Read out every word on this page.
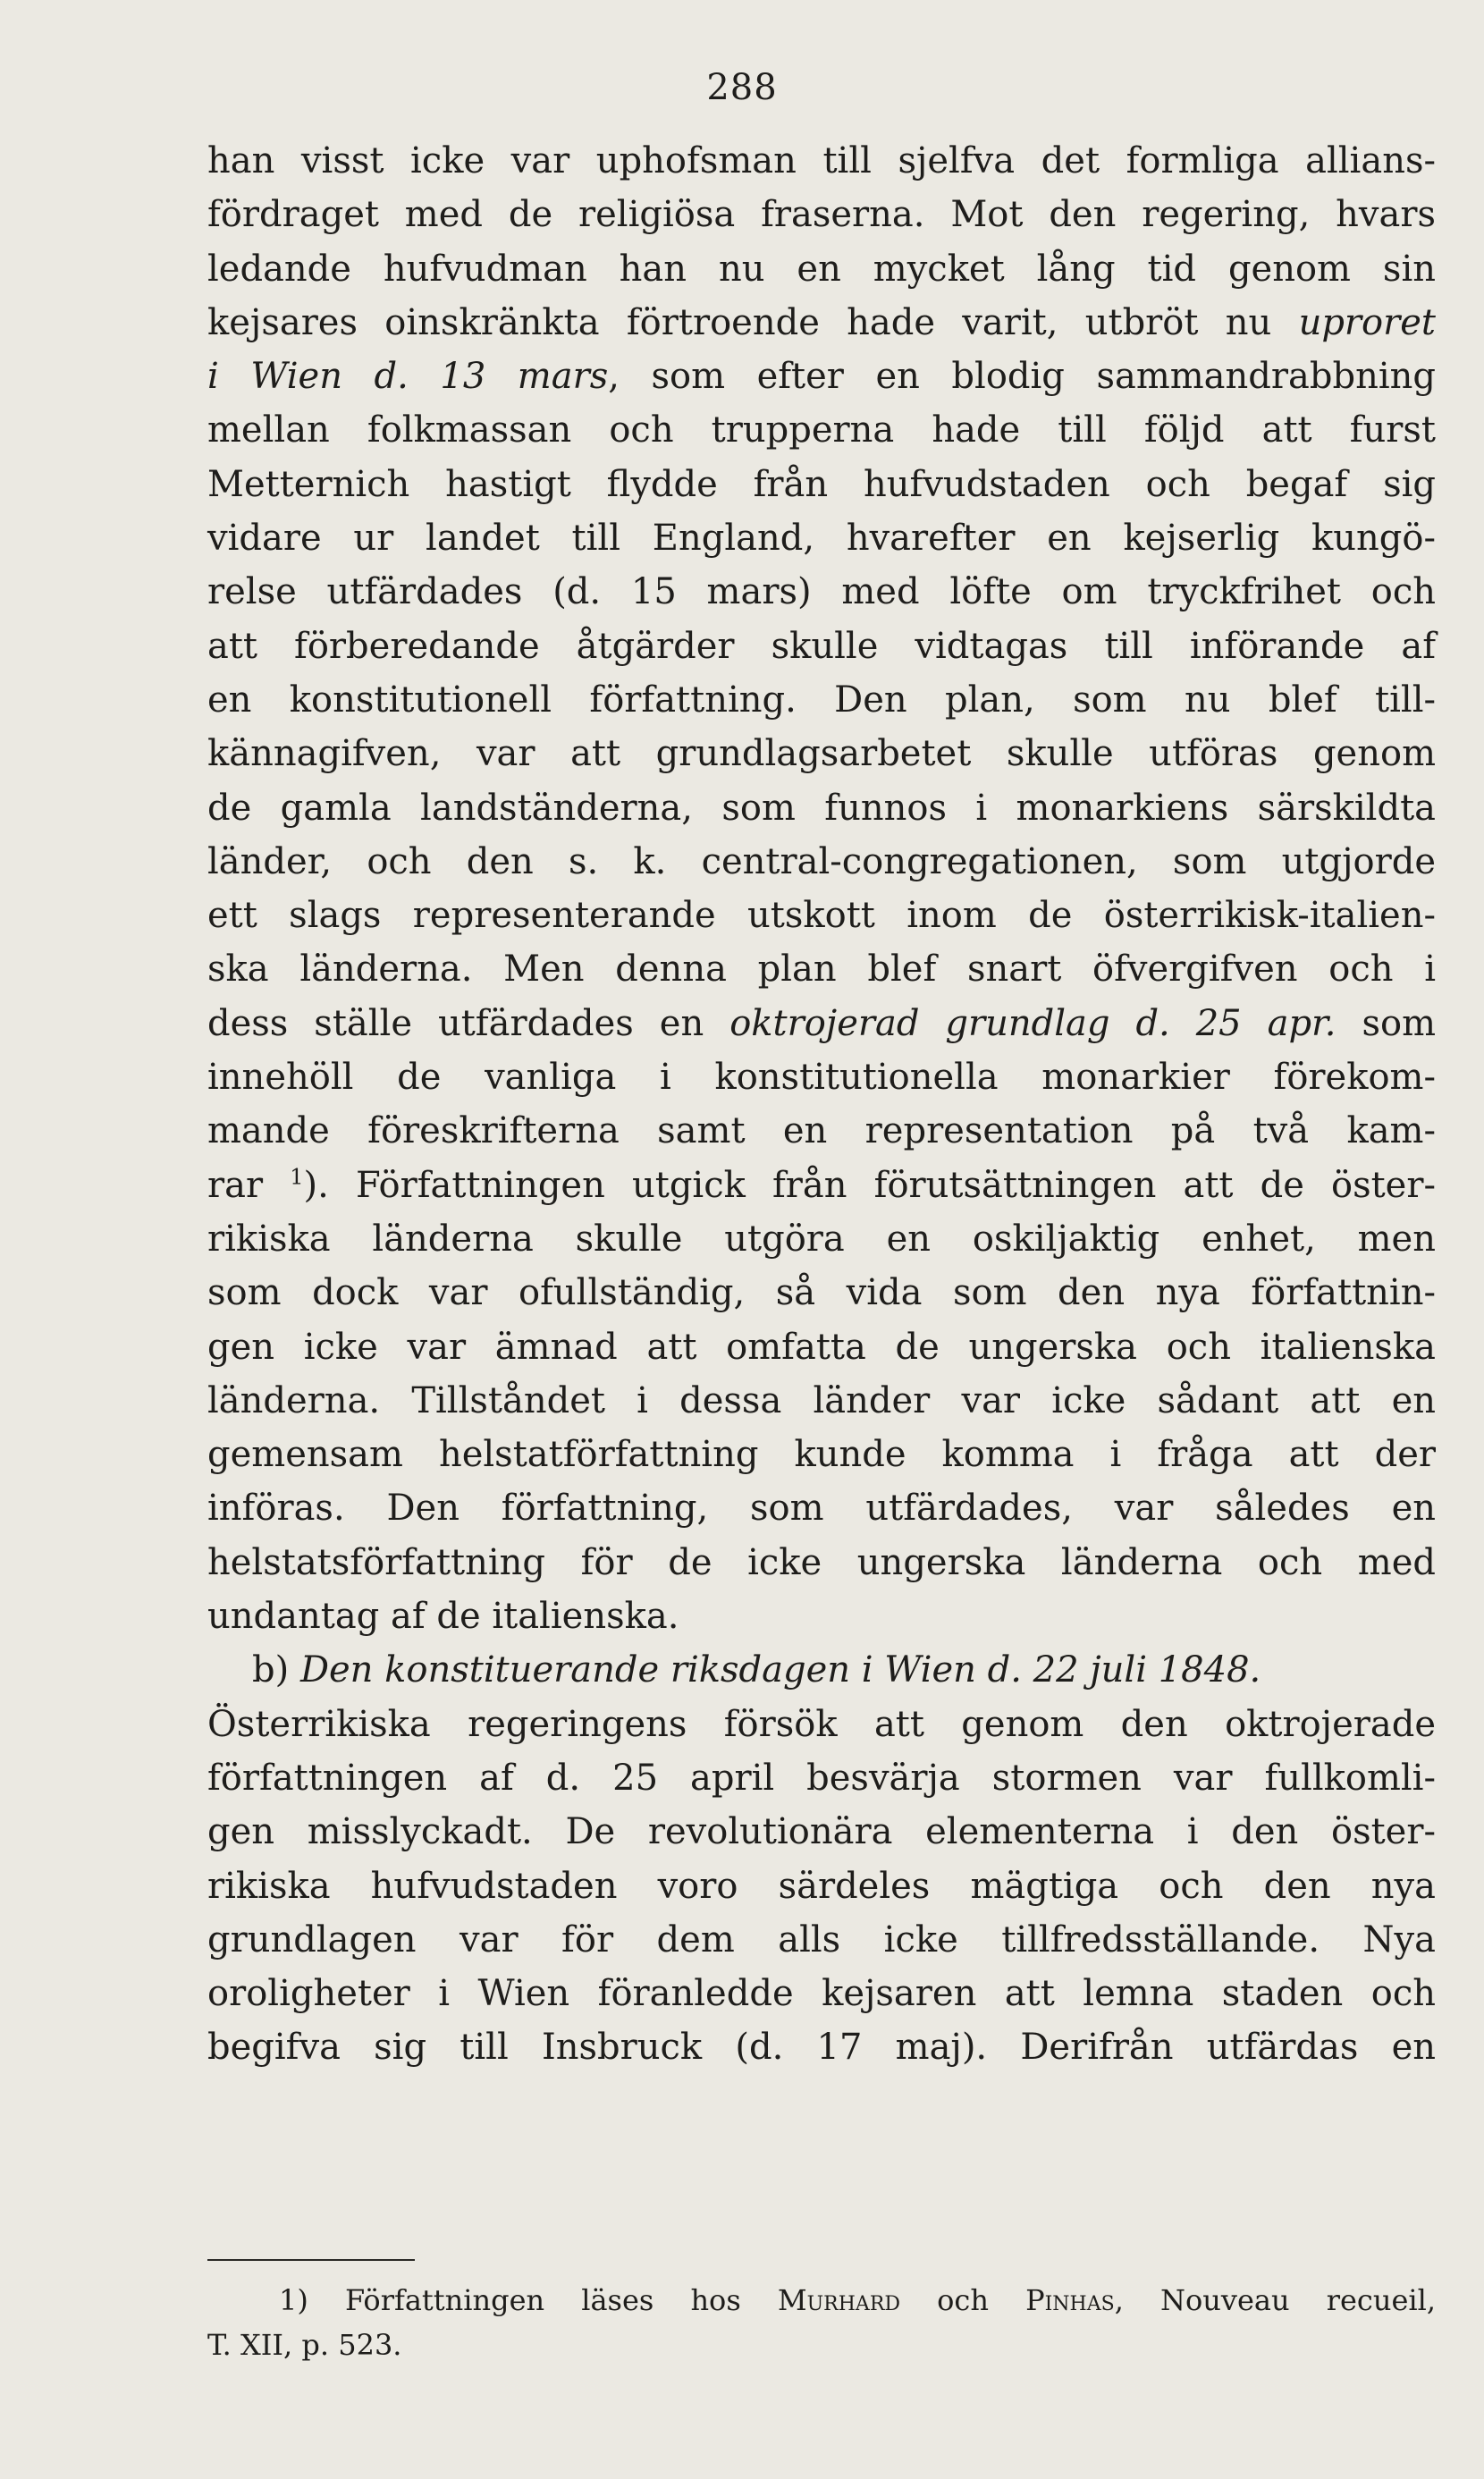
288
han visst icke var uphofsman till sjelfva det formliga allians-
fördraget med de religiösa fraserna. Mot den regering, hvars
ledande hufvudman han nu en mycket lång tid genom sin
kejsares oinskränkta förtroende hade varit, utbröt nu uproret
i Wien d. 13 mars, som efter en blodig sammandrabbning
mellan folkmassan och trupperna hade till följd att furst
Metternich hastigt flydde från hufvudstaden och begaf sig
vidare ur landet till England, hvarefter en kejserlig kungö-
relse utfärdades (d. 15 mars) med löfte om tryckfrihet och
att förberedande åtgärder skulle vidtagas till införande af
en konstitutionell författning. Den plan, som nu blef till-
kännagifven, var att grundlagsarbetet skulle utföras genom
de gamla landständerna, som funnos i monarkiens särskildta
länder, och den s. k. central-congregationen, som utgjorde
ett slags representerande utskott inom de österrikisk-italien-
ska länderna. Men denna plan blef snart öfvergifven och i
dess ställe utfärdades en oktrojerad grundlag d. 25 apr. som
innehöll de vanliga i konstitutionella monarkier förekom-
mande föreskrifterna samt en representation på två kam-
rar $^1$). Författningen utgick från förutsättningen att de öster-
rikiska länderna skulle utgöra en oskiljaktig enhet, men
som dock var ofullständig, så vida som den nya författnin-
gen icke var ämnad att omfatta de ungerska och italienska
länderna. Tillståndet i dessa länder var icke sådant att en
gemensam helstatförfattning kunde komma i fråga att der
införas. Den författning, som utfärdades, var således en
helstatsförfattning för de icke ungerska länderna och med
undantag af de italienska.
b) Den konstituerande riksdagen i Wien d. 22 juli 1848.
Österrikiska regeringens försök att genom den oktrojerade
författningen af d. 25 april besvärja stormen var fullkomli-
gen misslyckadt. De revolutionära elementerna i den öster-
rikiska hufvudstaden voro särdeles mägtiga och den nya
grundlagen var för dem alls icke tillfredsställande. Nya
oroligheter i Wien föranledde kejsaren att lemna staden och
begifva sig till Insbruck (d. 17 maj). Derifrån utfärdas en
1) Författningen läses hos Murhard och Pinhas, Nouveau recueil,
T. XII, p. 523.
